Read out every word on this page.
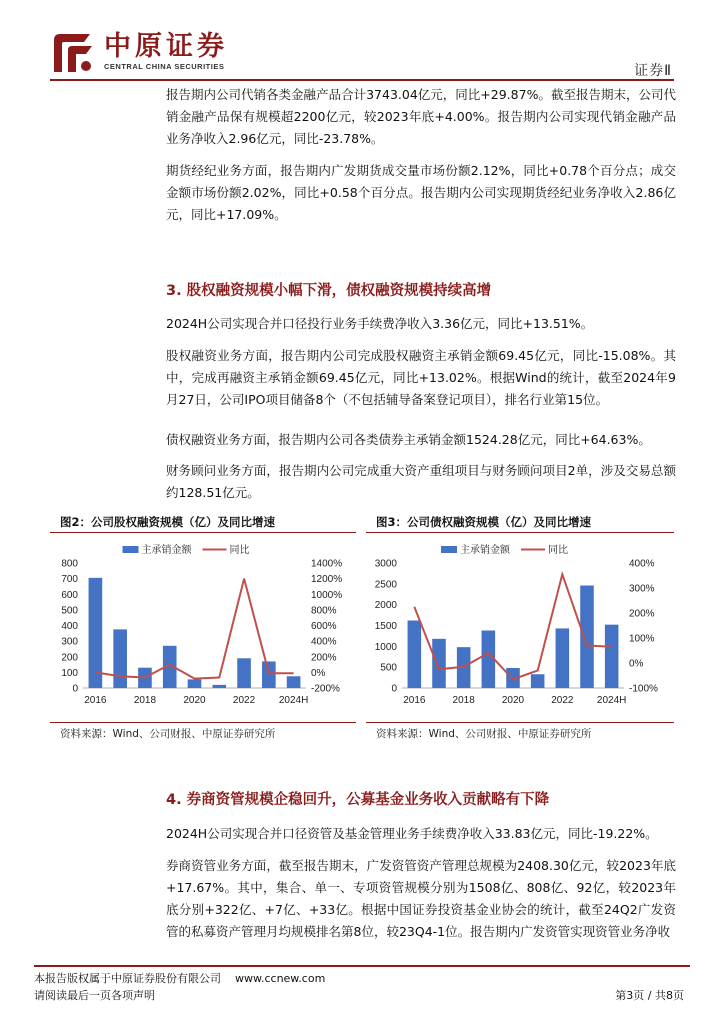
中原证券
CENTRAL CHINA SECURITIES	证券Ⅱ
报告期内公司代销各类金融产品合计3743.04亿元，同比+29.87%。截至报告期末，公司代销金融产品保有规模超2200亿元，较2023年底+4.00%。报告期内公司实现代销金融产品业务净收入2.96亿元，同比-23.78%。
期货经纪业务方面，报告期内广发期货成交量市场份额2.12%，同比+0.78个百分点；成交金额市场份额2.02%，同比+0.58个百分点。报告期内公司实现期货经纪业务净收入2.86亿元，同比+17.09%。
3. 股权融资规模小幅下滑，债权融资规模持续高增
2024H公司实现合并口径投行业务手续费净收入3.36亿元，同比+13.51%。
股权融资业务方面，报告期内公司完成股权融资主承销金额69.45亿元，同比-15.08%。其中，完成再融资主承销金额69.45亿元，同比+13.02%。根据Wind的统计，截至2024年9月27日，公司IPO项目储备8个（不包括辅导备案登记项目），排名行业第15位。
债权融资业务方面，报告期内公司各类债券主承销金额1524.28亿元，同比+64.63%。
财务顾问业务方面，报告期内公司完成重大资产重组项目与财务顾问项目2单，涉及交易总额约128.51亿元。
图2：公司股权融资规模（亿）及同比增速
0
100
200
300
400
500
600
700
800
-200%
0%
200%
400%
600%
800%
1000%
1200%
1400%
2016	2018	2020	2022 2024H
主承销金额	同比
资料来源：Wind、公司财报、中原证券研究所
图3：公司债权融资规模（亿）及同比增速
0
500
1000
1500
2000
2500
3000
-100%
0%
100%
200%
300%
400%
2016	2018	2020	2022 2024H
主承销金额	同比
资料来源：Wind、公司财报、中原证券研究所
4. 券商资管规模企稳回升，公募基金业务收入贡献略有下降
2024H公司实现合并口径资管及基金管理业务手续费净收入33.83亿元，同比-19.22%。
券商资管业务方面，截至报告期末，广发资管资产管理总规模为2408.30亿元，较2023年底+17.67%。其中，集合、单一、专项资管规模分别为1508亿、808亿、92亿，较2023年底分别+322亿、+7亿、+33亿。根据中国证券投资基金业协会的统计，截至24Q2广发资管的私募资产管理月均规模排名第8位，较23Q4-1位。报告期内广发资管实现资管业务净收
本报告版权属于中原证券股份有限公司 www.ccnew.com
请阅读最后一页各项声明	第3页 / 共8页
